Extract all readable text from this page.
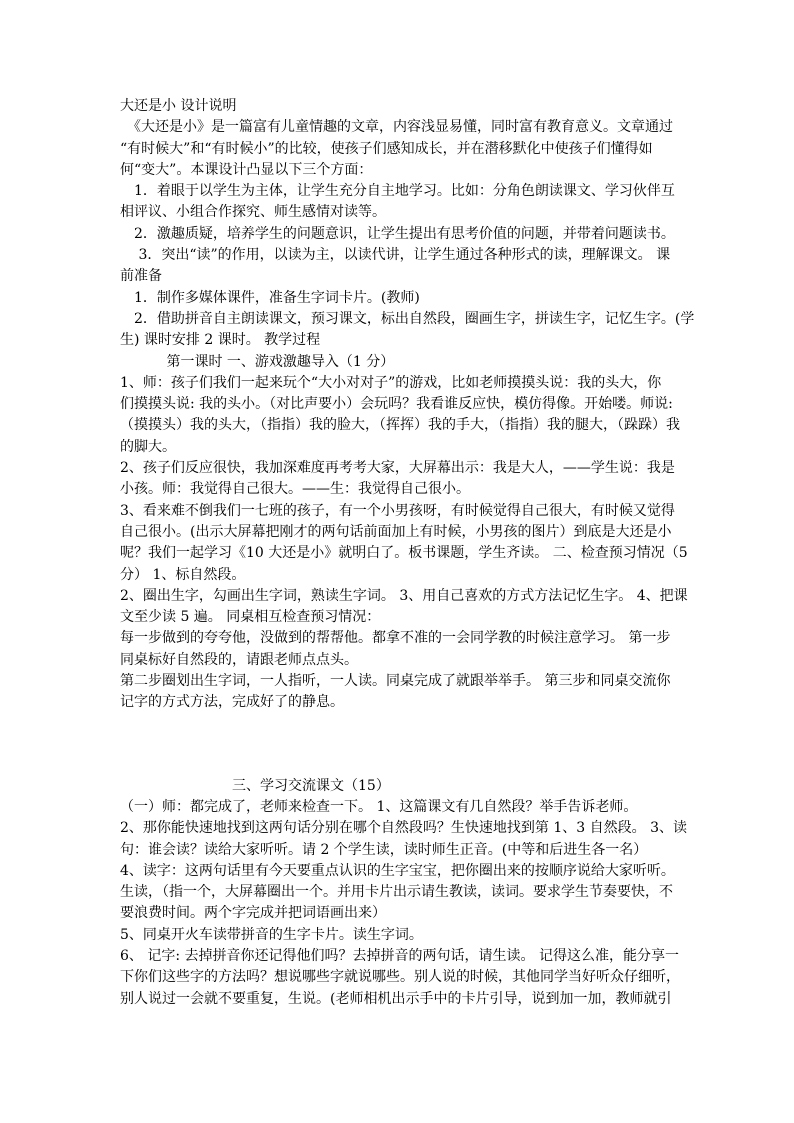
大还是小 设计说明

　《大还是小》是一篇富有儿童情趣的文章，内容浅显易懂，同时富有教育意义。文章通过

“有时候大”和“有时候小”的比较，使孩子们感知成长，并在潜移默化中使孩子们懂得如

何“变大”。本课设计凸显以下三个方面：

　1．着眼于以学生为主体，让学生充分自主地学习。比如：分角色朗读课文、学习伙伴互

相评议、小组合作探究、师生感情对读等。

　2．激趣质疑，培养学生的问题意识，让学生提出有思考价值的问题，并带着问题读书。

　 3．突出“读”的作用，以读为主，以读代讲，让学生通过各种形式的读，理解课文。 课

前准备

　1．制作多媒体课件，准备生字词卡片。(教师)

　2．借助拼音自主朗读课文，预习课文，标出自然段，圈画生字，拼读生字，记忆生字。(学

生) 课时安排 2 课时。 教学过程

　　　 第一课时 一、游戏激趣导入（1 分）

1、师：孩子们我们一起来玩个“大小对对子”的游戏，比如老师摸摸头说：我的头大，你

们摸摸头说: 我的头小。（对比声要小）会玩吗？我看谁反应快，模仿得像。开始喽。师说:

（摸摸头）我的头大，（指指）我的脸大，（挥挥）我的手大，（指指）我的腿大，（跺跺）我

的脚大。

2、孩子们反应很快，我加深难度再考考大家，大屏幕出示：我是大人，——学生说：我是

小孩。师：我觉得自己很大。——生：我觉得自己很小。

3、看来难不倒我们一七班的孩子，有一个小男孩呀，有时候觉得自己很大，有时候又觉得

自己很小。(出示大屏幕把刚才的两句话前面加上有时候，小男孩的图片）到底是大还是小

呢？我们一起学习《10 大还是小》就明白了。板书课题，学生齐读。 二、检查预习情况（5

分） 1、标自然段。

2、圈出生字，勾画出生字词，熟读生字词。 3、用自己喜欢的方式方法记忆生字。 4、把课

文至少读 5 遍。 同桌相互检查预习情况：

每一步做到的夸夸他，没做到的帮帮他。都拿不准的一会同学教的时候注意学习。 第一步

同桌标好自然段的，请跟老师点点头。

第二步圈划出生字词，一人指听，一人读。同桌完成了就跟举举手。 第三步和同桌交流你

记字的方式方法，完成好了的静息。

　　　　　　　　三、学习交流课文（15）

（一）师：都完成了，老师来检查一下。 1、这篇课文有几自然段？举手告诉老师。

2、那你能快速地找到这两句话分别在哪个自然段吗？生快速地找到第 1、3 自然段。 3、读

句：谁会读？读给大家听听。请 2 个学生读，读时师生正音。(中等和后进生各一名）

4、读字：这两句话里有今天要重点认识的生字宝宝，把你圈出来的按顺序说给大家听听。

生读，（指一个，大屏幕圈出一个。并用卡片出示请生教读，读词。要求学生节奏要快，不

要浪费时间。两个字完成并把词语画出来）

5、同桌开火车读带拼音的生字卡片。读生字词。

6、 记字: 去掉拼音你还记得他们吗？去掉拼音的两句话，请生读。 记得这么准，能分享一

下你们这些字的方法吗？想说哪些字就说哪些。别人说的时候，其他同学当好听众仔细听，

别人说过一会就不要重复，生说。(老师相机出示手中的卡片引导，说到加一加，教师就引
